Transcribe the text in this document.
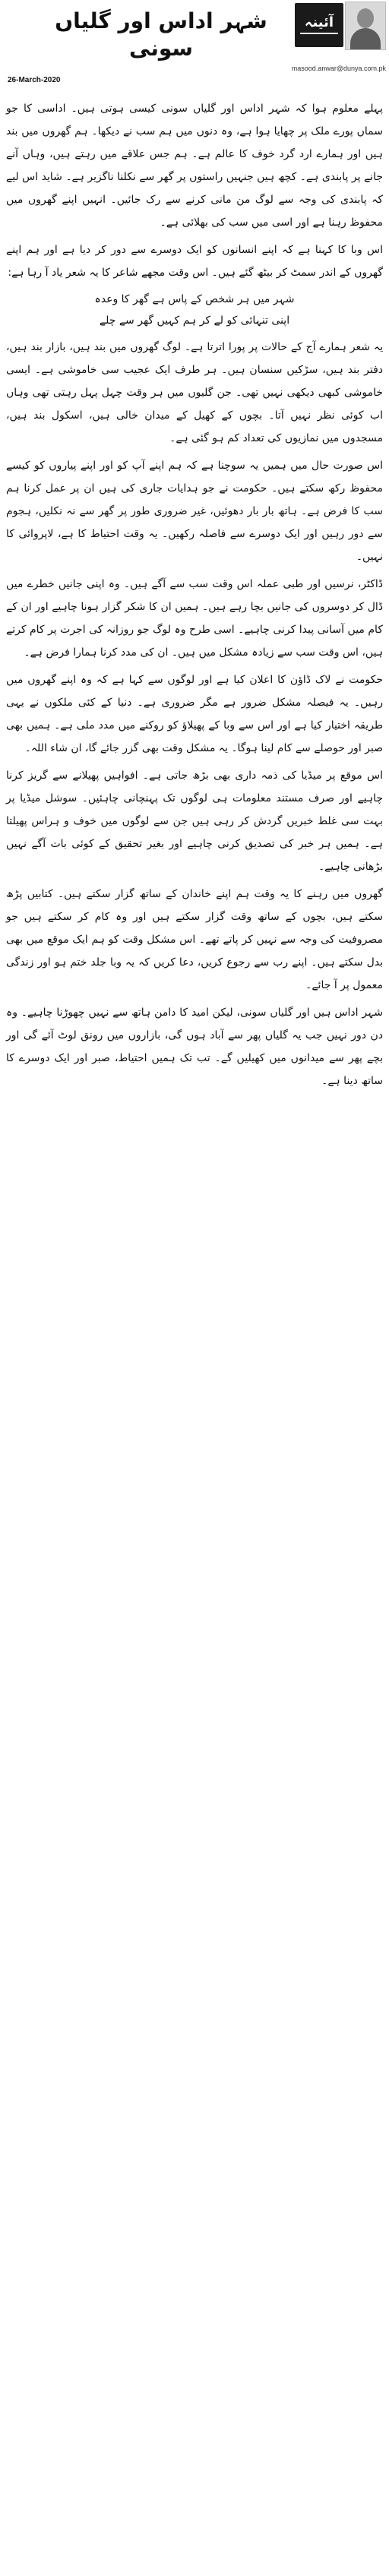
شہر اداس اور گلیاں سونی
آئینہ
masood.anwar@dunya.com.pk
26-March-2020

پہلے معلوم ہوا کہ شہر اداس اور گلیاں سونی کیسی ہوتی ہیں۔ اداسی کا جو سماں پورے ملک پر چھایا ہوا ہے، وہ دنوں میں ہم سب نے دیکھا۔ ہم گھروں میں بند ہیں اور ہمارے ارد گرد خوف کا عالم ہے۔ ہم جس علاقے میں رہتے ہیں، وہاں آنے جانے پر پابندی ہے۔ کچھ ہیں جنہیں راستوں پر گھر سے نکلنا ناگزیر ہے۔ شاید اس لیے کہ پابندی کی وجہ سے لوگ من مانی کرنے سے رک جائیں۔ انہیں اپنے گھروں میں محفوظ رہنا ہے اور اسی میں سب کی بھلائی ہے۔

اس وبا کا کہنا ہے کہ اپنے انسانوں کو ایک دوسرے سے دور کر دیا ہے اور ہم اپنے گھروں کے اندر سمٹ کر بیٹھ گئے ہیں۔ اس وقت مجھے شاعر کا یہ شعر یاد آ رہا ہے:

شہر میں ہر شخص کے پاس ہے گھر کا وعدہ
اپنی تنہائی کو لے کر ہم کہیں گھر سے چلے

یہ شعر ہمارے آج کے حالات پر پورا اترتا ہے۔ لوگ گھروں میں بند ہیں، بازار بند ہیں، دفتر بند ہیں، سڑکیں سنسان ہیں۔ ہر طرف ایک عجیب سی خاموشی ہے۔ ایسی خاموشی کبھی دیکھی نہیں تھی۔ جن گلیوں میں ہر وقت چہل پہل رہتی تھی وہاں اب کوئی نظر نہیں آتا۔ بچوں کے کھیل کے میدان خالی ہیں، اسکول بند ہیں، مسجدوں میں نمازیوں کی تعداد کم ہو گئی ہے۔

اس صورت حال میں ہمیں یہ سوچنا ہے کہ ہم اپنے آپ کو اور اپنے پیاروں کو کیسے محفوظ رکھ سکتے ہیں۔ حکومت نے جو ہدایات جاری کی ہیں ان پر عمل کرنا ہم سب کا فرض ہے۔ ہاتھ بار بار دھوئیں، غیر ضروری طور پر گھر سے نہ نکلیں، ہجوم سے دور رہیں اور ایک دوسرے سے فاصلہ رکھیں۔ یہ وقت احتیاط کا ہے، لاپروائی کا نہیں۔

ڈاکٹر، نرسیں اور طبی عملہ اس وقت سب سے آگے ہیں۔ وہ اپنی جانیں خطرے میں ڈال کر دوسروں کی جانیں بچا رہے ہیں۔ ہمیں ان کا شکر گزار ہونا چاہیے اور ان کے کام میں آسانی پیدا کرنی چاہیے۔ اسی طرح وہ لوگ جو روزانہ کی اجرت پر کام کرتے ہیں، اس وقت سب سے زیادہ مشکل میں ہیں۔ ان کی مدد کرنا ہمارا فرض ہے۔

حکومت نے لاک ڈاؤن کا اعلان کیا ہے اور لوگوں سے کہا ہے کہ وہ اپنے گھروں میں رہیں۔ یہ فیصلہ مشکل ضرور ہے مگر ضروری ہے۔ دنیا کے کئی ملکوں نے یہی طریقہ اختیار کیا ہے اور اس سے وبا کے پھیلاؤ کو روکنے میں مدد ملی ہے۔ ہمیں بھی صبر اور حوصلے سے کام لینا ہوگا۔ یہ مشکل وقت بھی گزر جائے گا، ان شاء اللہ۔

اس موقع پر میڈیا کی ذمہ داری بھی بڑھ جاتی ہے۔ افواہیں پھیلانے سے گریز کرنا چاہیے اور صرف مستند معلومات ہی لوگوں تک پہنچانی چاہئیں۔ سوشل میڈیا پر بہت سی غلط خبریں گردش کر رہی ہیں جن سے لوگوں میں خوف و ہراس پھیلتا ہے۔ ہمیں ہر خبر کی تصدیق کرنی چاہیے اور بغیر تحقیق کے کوئی بات آگے نہیں بڑھانی چاہیے۔

گھروں میں رہنے کا یہ وقت ہم اپنے خاندان کے ساتھ گزار سکتے ہیں۔ کتابیں پڑھ سکتے ہیں، بچوں کے ساتھ وقت گزار سکتے ہیں اور وہ کام کر سکتے ہیں جو مصروفیت کی وجہ سے نہیں کر پاتے تھے۔ اس مشکل وقت کو ہم ایک موقع میں بھی بدل سکتے ہیں۔ اپنے رب سے رجوع کریں، دعا کریں کہ یہ وبا جلد ختم ہو اور زندگی معمول پر آ جائے۔

شہر اداس ہیں اور گلیاں سونی، لیکن امید کا دامن ہاتھ سے نہیں چھوڑنا چاہیے۔ وہ دن دور نہیں جب یہ گلیاں پھر سے آباد ہوں گی، بازاروں میں رونق لوٹ آئے گی اور بچے پھر سے میدانوں میں کھیلیں گے۔ تب تک ہمیں احتیاط، صبر اور ایک دوسرے کا ساتھ دینا ہے۔
